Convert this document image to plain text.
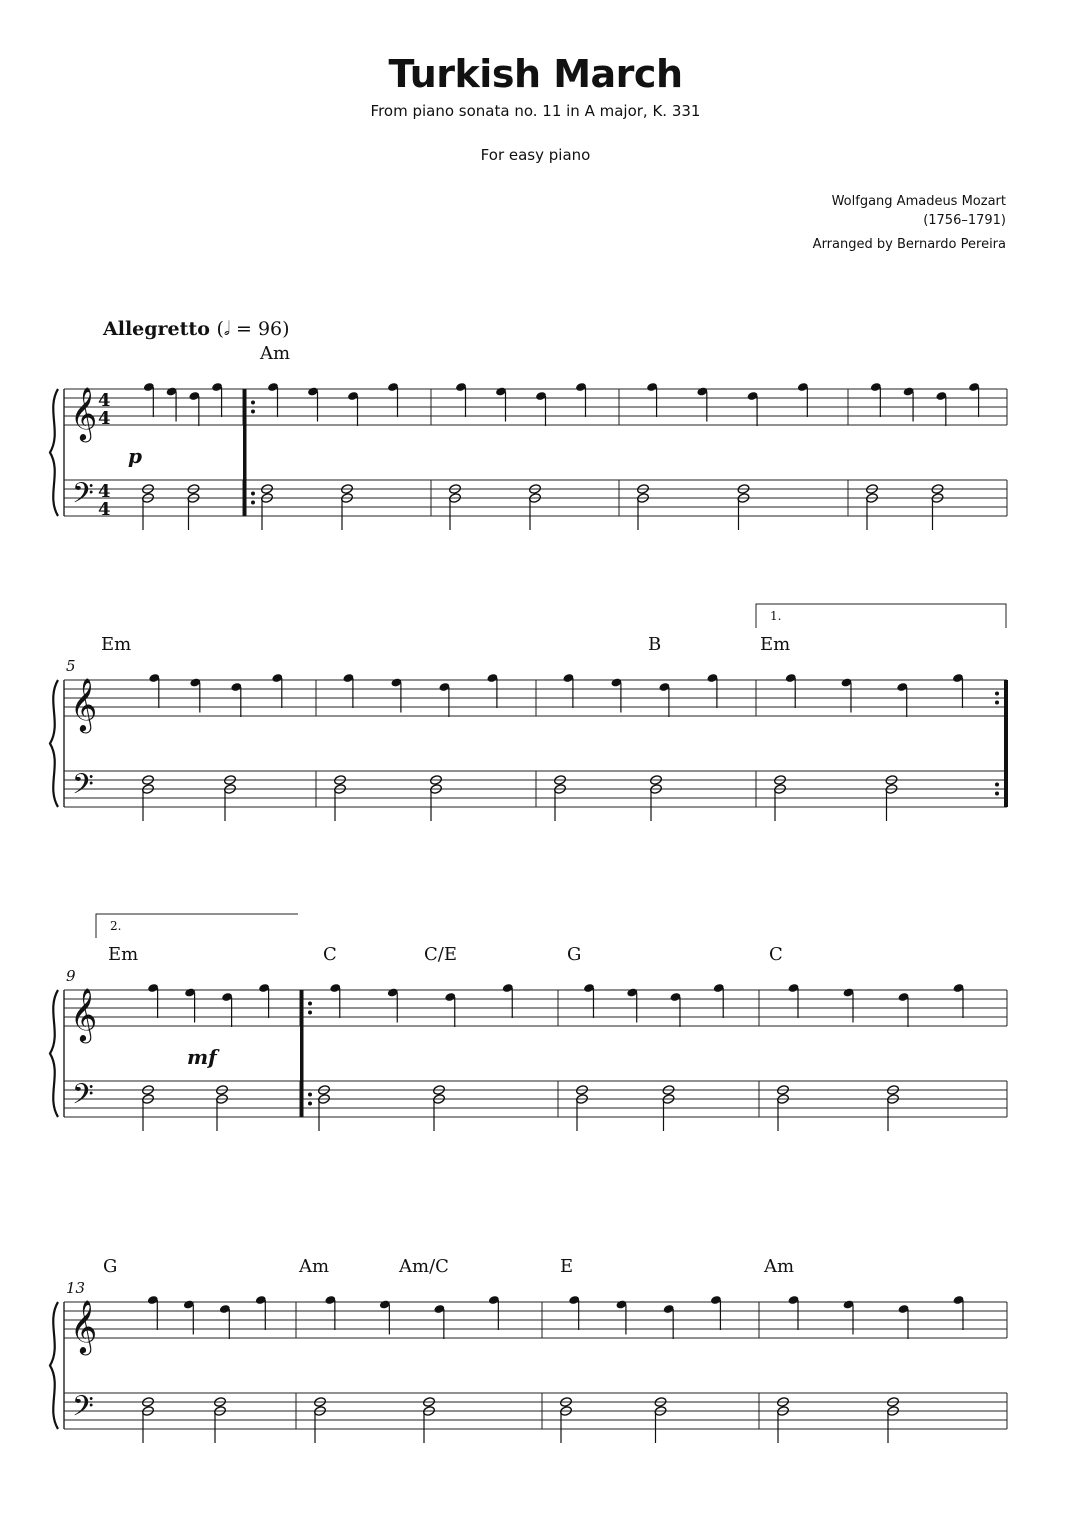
Turkish March
From piano sonata no. 11 in A major, K. 331
For easy piano
Wolfgang Amadeus Mozart
(1756–1791)
Arranged by Bernardo Pereira
Allegretto (𝅗𝅥 = 96)
𝄞
𝄢
4
4
4
4
Am
p
𝄞
𝄢
5
Em	B	Em
1.
𝄞
𝄢
9
Em	C	C/E	G	C
mf
2.
𝄞
𝄢
13
G	Am	Am/C	E	Am
